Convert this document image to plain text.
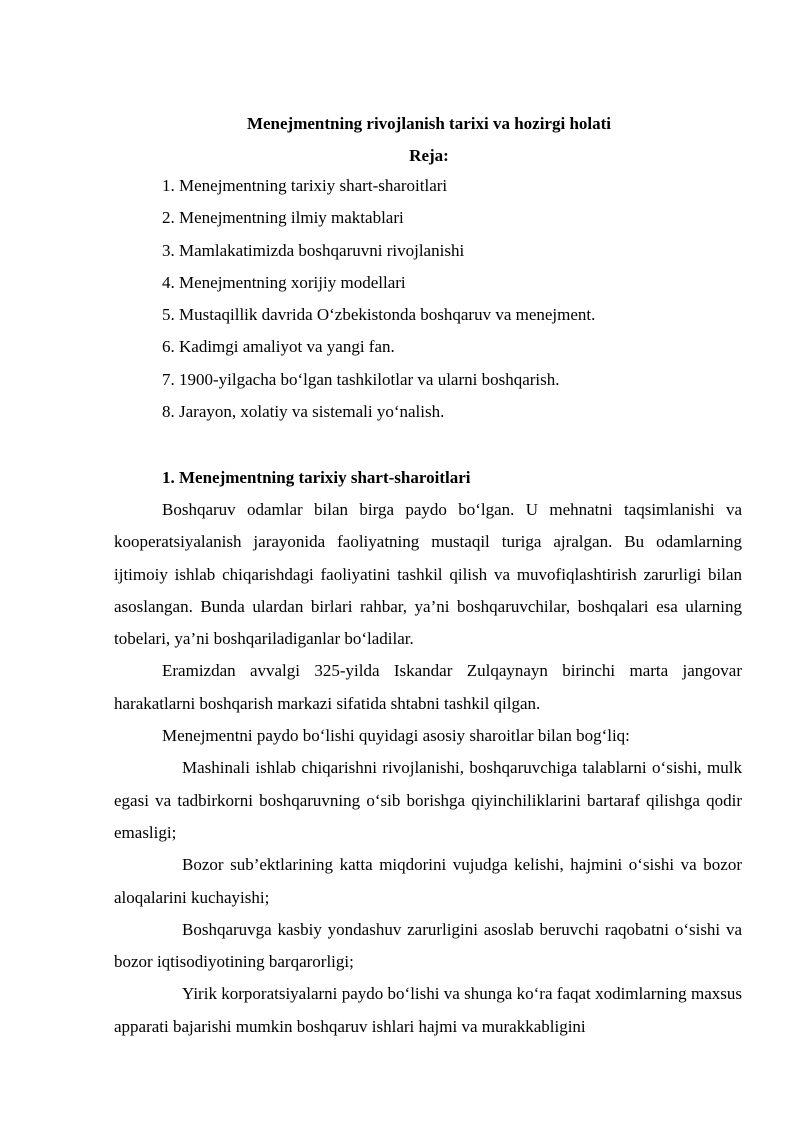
Menejmentning rivojlanish tarixi va hozirgi holati
Reja:
1. Menejmentning tarixiy shart-sharoitlari
2. Menejmentning ilmiy maktablari
3. Mamlakatimizda boshqaruvni rivojlanishi
4. Menejmentning xorijiy modellari
5. Mustaqillik davrida O‘zbekistonda boshqaruv va menejment.
6. Kadimgi amaliyot va yangi fan.
7. 1900-yilgacha bo‘lgan tashkilotlar va ularni boshqarish.
8. Jarayon, xolatiy va sistemali yo‘nalish.
1. Menejmentning tarixiy shart-sharoitlari

Boshqaruv odamlar bilan birga paydo bo‘lgan. U mehnatni taqsimlanishi va kooperatsiyalanish jarayonida faoliyatning mustaqil turiga ajralgan. Bu odamlarning ijtimoiy ishlab chiqarishdagi faoliyatini tashkil qilish va muvofiqlashtirish zarurligi bilan asoslangan. Bunda ulardan birlari rahbar, ya’ni boshqaruvchilar, boshqalari esa ularning tobelari, ya’ni boshqariladiganlar bo‘ladilar.

Eramizdan avvalgi 325-yilda Iskandar Zulqaynayn birinchi marta jangovar harakatlarni boshqarish markazi sifatida shtabni tashkil qilgan.

Menejmentni paydo bo‘lishi quyidagi asosiy sharoitlar bilan bog‘liq:

Mashinali ishlab chiqarishni rivojlanishi, boshqaruvchiga talablarni o‘sishi, mulk egasi va tadbirkorni boshqaruvning o‘sib borishga qiyinchiliklarini bartaraf qilishga qodir emasligi;

Bozor sub’ektlarining katta miqdorini vujudga kelishi, hajmini o‘sishi va bozor aloqalarini kuchayishi;

Boshqaruvga kasbiy yondashuv zarurligini asoslab beruvchi raqobatni o‘sishi va bozor iqtisodiyotining barqarorligi;

Yirik korporatsiyalarni paydo bo‘lishi va shunga ko‘ra faqat xodimlarning maxsus apparati bajarishi mumkin boshqaruv ishlari hajmi va murakkabligini
